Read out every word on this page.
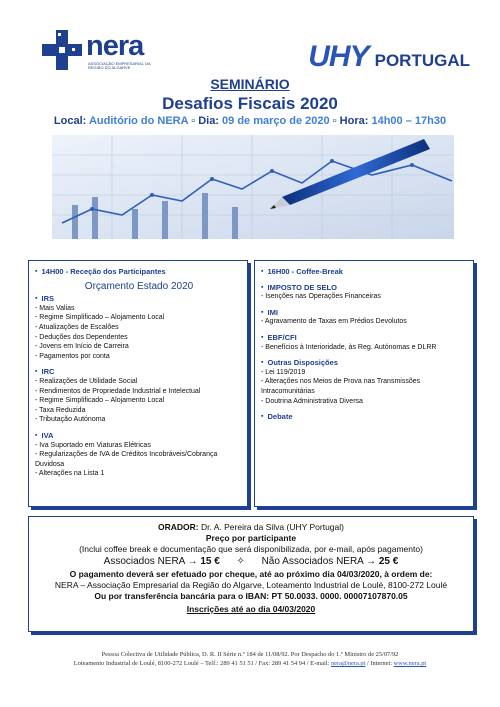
nera
ASSOCIAÇÃO EMPRESARIAL DA REGIÃO DO ALGARVE	UHY PORTUGAL
SEMINÁRIO
Desafios Fiscais 2020
Local: Auditório do NERA ▫ Dia: 09 de março de 2020 ▫ Hora: 14h00 – 17h30
▪ 14H00 - Receção dos Participantes
Orçamento Estado 2020
▪ IRS
- Mais Valias
- Regime Simplificado – Alojamento Local
- Atualizações de Escalões
- Deduções dos Dependentes
- Jovens em Início de Carreira
- Pagamentos por conta
▪ IRC
- Realizações de Utilidade Social
- Rendimentos de Propriedade Industrial e Intelectual
- Regime Simplificado – Alojamento Local
- Taxa Reduzida
- Tributação Autónoma
▪ IVA
- Iva Suportado em Viaturas Elétricas
- Regularizações de IVA de Créditos Incobráveis/Cobrança Duvidosa
- Alterações na Lista 1
▪ 16H00 - Coffee-Break
▪ IMPOSTO DE SELO
- Isenções nas Operações Financeiras
▪ IMI
- Agravamento de Taxas em Prédios Devolutos
▪ EBF/CFI
- Benefícios à Interioridade, às Reg. Autónomas e DLRR
▪ Outras Disposições
- Lei 119/2019
- Alterações nos Meios de Prova nas Transmissões Intracomunitárias
- Doutrina Administrativa Diversa
▪ Debate
ORADOR: Dr. A. Pereira da Silva (UHY Portugal)
Preço por participante
(Inclui coffee break e documentação que será disponibilizada, por e-mail, após pagamento)
Associados NERA → 15 € ✧ Não Associados NERA → 25 €
O pagamento deverá ser efetuado por cheque, até ao próximo dia 04/03/2020, à ordem de:
NERA – Associação Empresarial da Região do Algarve, Loteamento Industrial de Loulé, 8100-272 Loulé
Ou por transferência bancária para o IBAN: PT 50.0033. 0000. 00007107870.05
Inscrições até ao dia 04/03/2020
Pessoa Colectiva de Utilidade Pública, D. R. II Série n.º 184 de 11/08/92. Por Despacho do 1.º Ministro de 25/07/92
Loteamento Industrial de Loulé, 8100-272 Loulé – Telf.: 289 41 51 51 / Fax: 289 41 54 94 / E-mail: nera@nera.pt / Internet: www.nera.pt
